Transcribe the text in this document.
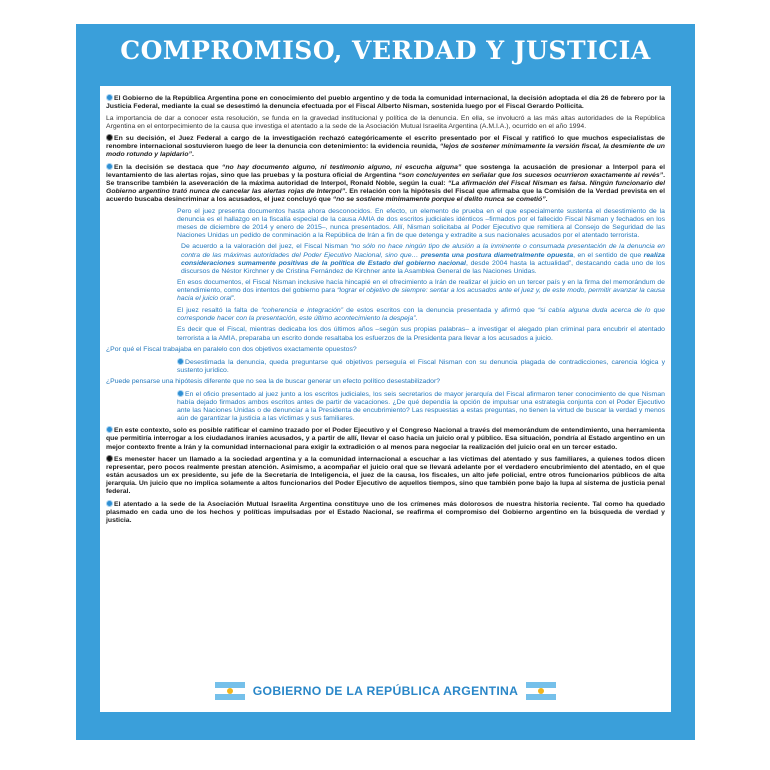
COMPROMISO, VERDAD Y JUSTICIA

El Gobierno de la República Argentina pone en conocimiento del pueblo argentino y de toda la comunidad internacional, la decisión adoptada el día 26 de febrero por la Justicia Federal, mediante la cual se desestimó la denuncia efectuada por el Fiscal Alberto Nisman, sostenida luego por el Fiscal Gerardo Pollicita.

La importancia de dar a conocer esta resolución, se funda en la gravedad institucional y política de la denuncia. En ella, se involucró a las más altas autoridades de la República Argentina en el entorpecimiento de la causa que investiga el atentado a la sede de la Asociación Mutual Israelita Argentina (A.M.I.A.), ocurrido en el año 1994.

En su decisión, el Juez Federal a cargo de la investigación rechazó categóricamente el escrito presentado por el Fiscal y ratificó lo que muchos especialistas de renombre internacional sostuvieron luego de leer la denuncia con detenimiento: la evidencia reunida, “lejos de sostener mínimamente la versión fiscal, la desmiente de un modo rotundo y lapidario”.

En la decisión se destaca que “no hay documento alguno, ni testimonio alguno, ni escucha alguna” que sostenga la acusación de presionar a Interpol para el levantamiento de las alertas rojas, sino que las pruebas y la postura oficial de Argentina “son concluyentes en señalar que los sucesos ocurrieron exactamente al revés”. Se transcribe también la aseveración de la máxima autoridad de Interpol, Ronald Noble, según la cual: “La afirmación del Fiscal Nisman es falsa. Ningún funcionario del Gobierno argentino trató nunca de cancelar las alertas rojas de Interpol”. En relación con la hipótesis del Fiscal que afirmaba que la Comisión de la Verdad prevista en el acuerdo buscaba desincriminar a los acusados, el juez concluyó que “no se sostiene mínimamente porque el delito nunca se cometió”.

Pero el juez presenta documentos hasta ahora desconocidos. En efecto, un elemento de prueba en el que especialmente sustenta el desestimiento de la denuncia es el hallazgo en la fiscalía especial de la causa AMIA de dos escritos judiciales idénticos –firmados por el fallecido Fiscal Nisman y fechados en los meses de diciembre de 2014 y enero de 2015–, nunca presentados. Allí, Nisman solicitaba al Poder Ejecutivo que remitiera al Consejo de Seguridad de las Naciones Unidas un pedido de conminación a la República de Irán a fin de que detenga y extradite a sus nacionales acusados por el atentado terrorista.

De acuerdo a la valoración del juez, el Fiscal Nisman “no sólo no hace ningún tipo de alusión a la inminente o consumada presentación de la denuncia en contra de las máximas autoridades del Poder Ejecutivo Nacional, sino que… presenta una postura diametralmente opuesta, en el sentido de que realiza consideraciones sumamente positivas de la política de Estado del gobierno nacional, desde 2004 hasta la actualidad”, destacando cada uno de los discursos de Néstor Kirchner y de Cristina Fernández de Kirchner ante la Asamblea General de las Naciones Unidas.

En esos documentos, el Fiscal Nisman inclusive hacía hincapié en el ofrecimiento a Irán de realizar el juicio en un tercer país y en la firma del memorándum de entendimiento, como dos intentos del gobierno para “lograr el objetivo de siempre: sentar a los acusados ante el juez y, de este modo, permitir avanzar la causa hacia el juicio oral”.

El juez resaltó la falta de “coherencia e integración” de estos escritos con la denuncia presentada y afirmó que “si cabía alguna duda acerca de lo que corresponde hacer con la presentación, este último acontecimiento la despeja”.

Es decir que el Fiscal, mientras dedicaba los dos últimos años –según sus propias palabras– a investigar el alegado plan criminal para encubrir el atentado terrorista a la AMIA, preparaba un escrito donde resaltaba los esfuerzos de la Presidenta para llevar a los acusados a juicio.

¿Por qué el Fiscal trabajaba en paralelo con dos objetivos exactamente opuestos?

Desestimada la denuncia, queda preguntarse qué objetivos perseguía el Fiscal Nisman con su denuncia plagada de contradicciones, carencia lógica y sustento jurídico.

¿Puede pensarse una hipótesis diferente que no sea la de buscar generar un efecto político desestabilizador?

En el oficio presentado al juez junto a los escritos judiciales, los seis secretarios de mayor jerarquía del Fiscal afirmaron tener conocimiento de que Nisman había dejado firmados ambos escritos antes de partir de vacaciones. ¿De qué dependía la opción de impulsar una estrategia conjunta con el Poder Ejecutivo ante las Naciones Unidas o de denunciar a la Presidenta de encubrimiento? Las respuestas a estas preguntas, no tienen la virtud de buscar la verdad y menos aún de garantizar la justicia a las víctimas y sus familiares.

En este contexto, solo es posible ratificar el camino trazado por el Poder Ejecutivo y el Congreso Nacional a través del memorándum de entendimiento, una herramienta que permitiría interrogar a los ciudadanos iraníes acusados, y a partir de allí, llevar el caso hacia un juicio oral y público. Esa situación, pondría al Estado argentino en un mejor contexto frente a Irán y la comunidad internacional para exigir la extradición o al menos para negociar la realización del juicio oral en un tercer estado.

Es menester hacer un llamado a la sociedad argentina y a la comunidad internacional a escuchar a las víctimas del atentado y sus familiares, a quienes todos dicen representar, pero pocos realmente prestan atención. Asimismo, a acompañar el juicio oral que se llevará adelante por el verdadero encubrimiento del atentado, en el que están acusados un ex presidente, su jefe de la Secretaría de Inteligencia, el juez de la causa, los fiscales, un alto jefe policial, entre otros funcionarios públicos de alta jerarquía. Un juicio que no implica solamente a altos funcionarios del Poder Ejecutivo de aquellos tiempos, sino que también pone bajo la lupa al sistema de justicia penal federal.

El atentado a la sede de la Asociación Mutual Israelita Argentina constituye uno de los crímenes más dolorosos de nuestra historia reciente. Tal como ha quedado plasmado en cada uno de los hechos y políticas impulsadas por el Estado Nacional, se reafirma el compromiso del Gobierno argentino en la búsqueda de verdad y justicia.

GOBIERNO DE LA REPÚBLICA ARGENTINA
